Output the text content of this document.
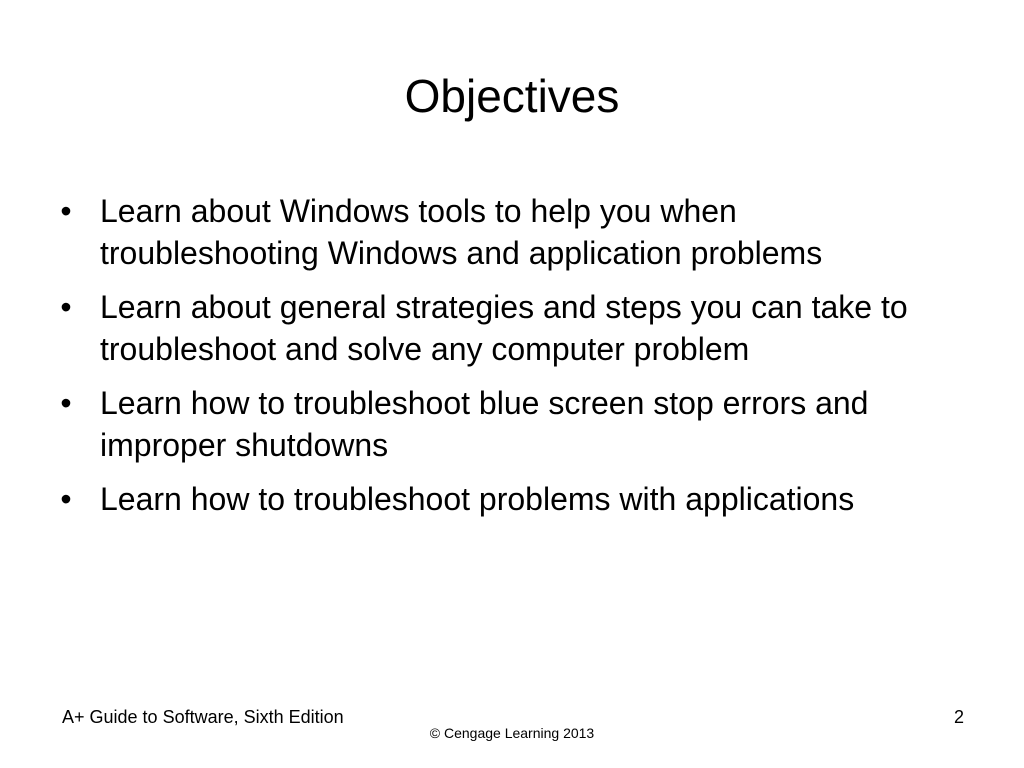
Objectives
• Learn about Windows tools to help you when troubleshooting Windows and application problems
• Learn about general strategies and steps you can take to troubleshoot and solve any computer problem
• Learn how to troubleshoot blue screen stop errors and improper shutdowns
• Learn how to troubleshoot problems with applications
A+ Guide to Software, Sixth Edition
© Cengage Learning 2013
2
